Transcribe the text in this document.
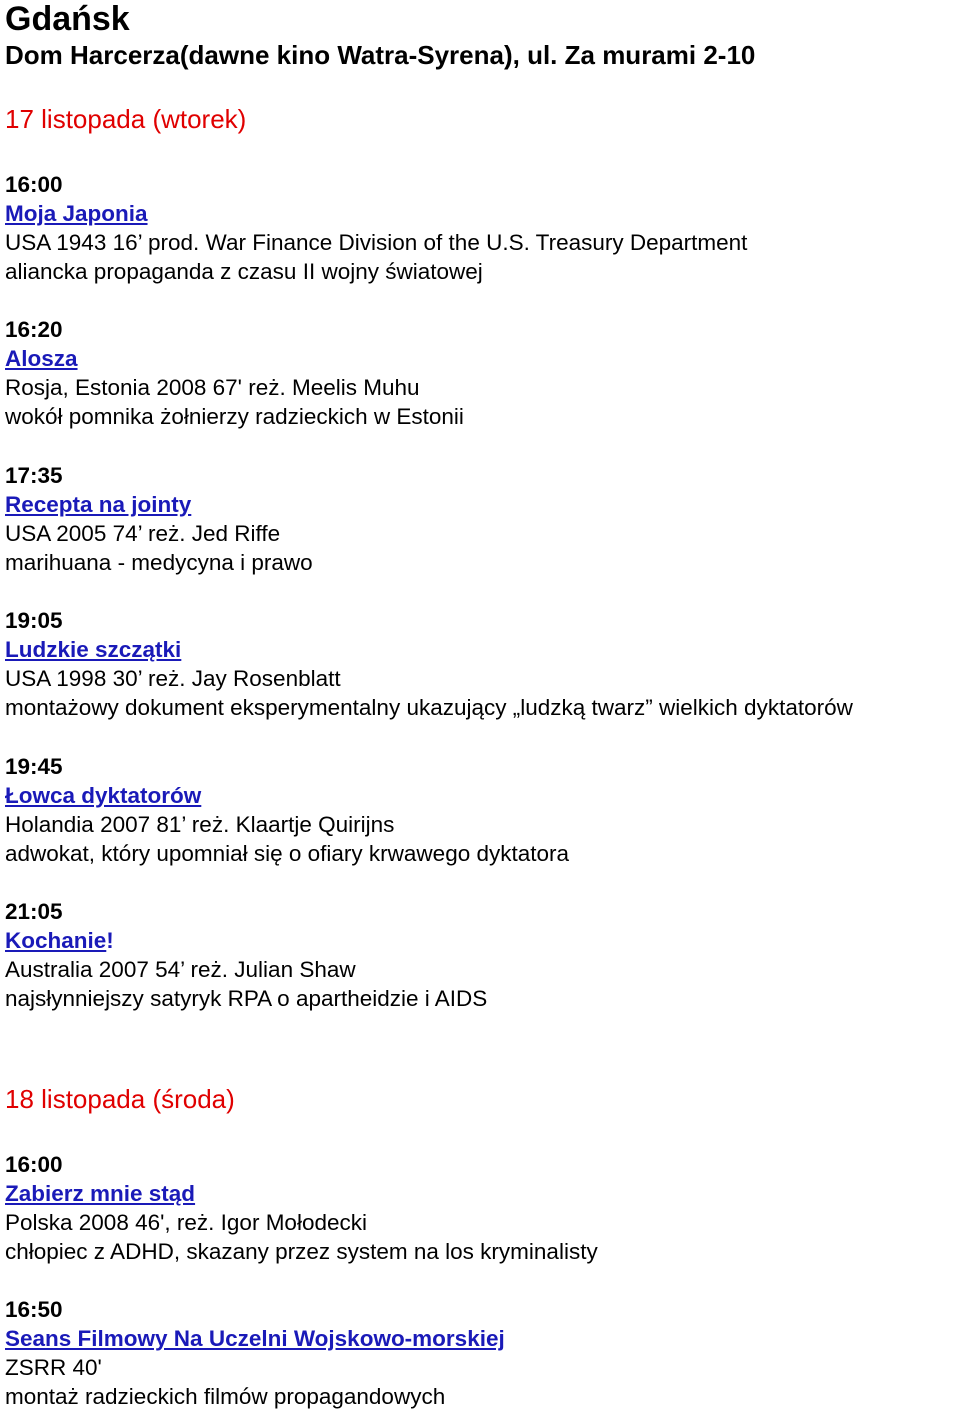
Gdańsk
Dom Harcerza(dawne kino Watra-Syrena), ul. Za murami 2-10
17 listopada (wtorek)
16:00
Moja Japonia
USA 1943 16’ prod. War Finance Division of the U.S. Treasury Department
aliancka propaganda z czasu II wojny światowej
16:20
Alosza
Rosja, Estonia 2008 67' reż. Meelis Muhu
wokół pomnika żołnierzy radzieckich w Estonii
17:35
Recepta na jointy
USA 2005 74’ reż. Jed Riffe
marihuana - medycyna i prawo
19:05
Ludzkie szczątki
USA 1998 30’ reż. Jay Rosenblatt
montażowy dokument eksperymentalny ukazujący „ludzką twarz” wielkich dyktatorów
19:45
Łowca dyktatorów
Holandia 2007 81’ reż. Klaartje Quirijns
adwokat, który upomniał się o ofiary krwawego dyktatora
21:05
Kochanie!
Australia 2007 54’ reż. Julian Shaw
najsłynniejszy satyryk RPA o apartheidzie i AIDS
18 listopada (środa)
16:00
Zabierz mnie stąd
Polska 2008 46', reż. Igor Mołodecki
chłopiec z ADHD, skazany przez system na los kryminalisty
16:50
Seans Filmowy Na Uczelni Wojskowo-morskiej
ZSRR 40'
montaż radzieckich filmów propagandowych
